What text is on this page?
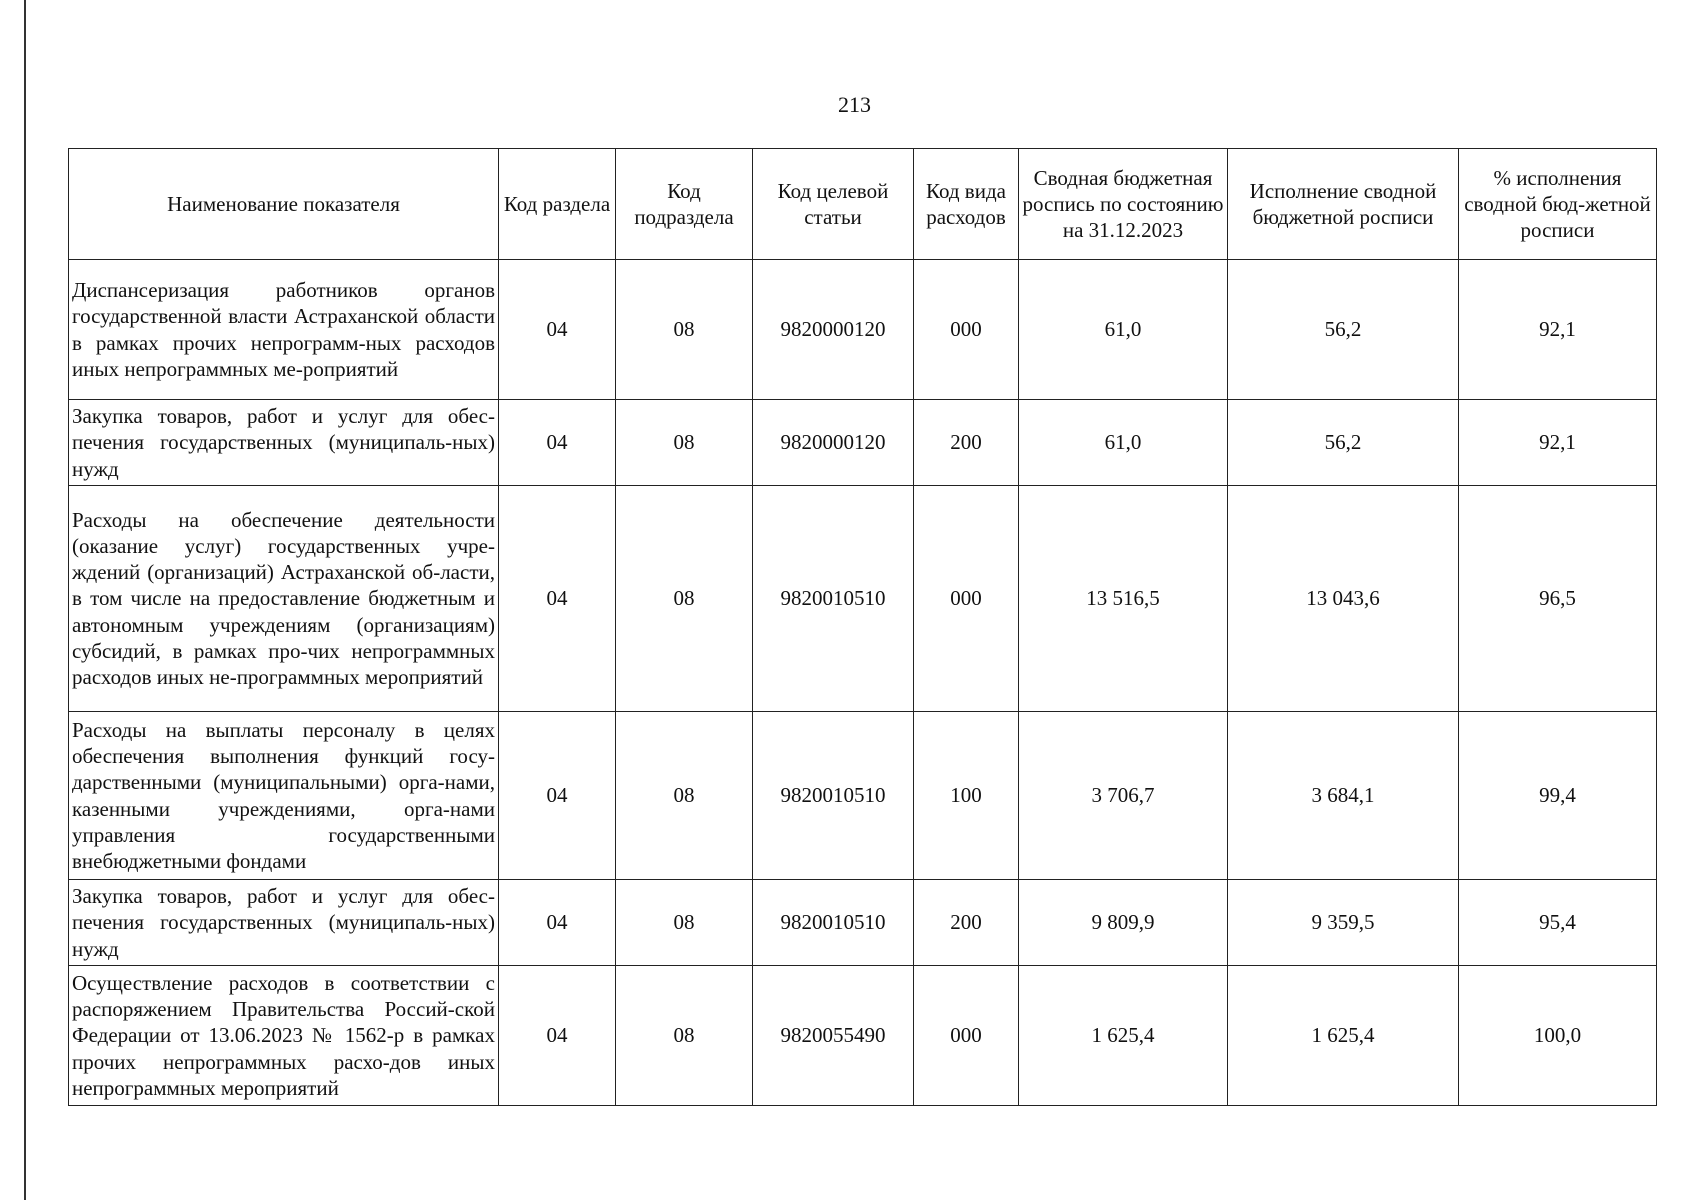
213
Наименование показателя	Код раздела	Код подраздела	Код целевой статьи	Код вида расходов	Сводная бюджетная роспись по состоянию на 31.12.2023	Исполнение сводной бюджетной росписи	% исполнения сводной бюд-жетной росписи
Диспансеризация работников органов государственной власти Астраханской области в рамках прочих непрограмм-ных расходов иных непрограммных ме-роприятий	04	08	9820000120	000	61,0	56,2	92,1
Закупка товаров, работ и услуг для обес-печения государственных (муниципаль-ных) нужд	04	08	9820000120	200	61,0	56,2	92,1
Расходы на обеспечение деятельности (оказание услуг) государственных учре-ждений (организаций) Астраханской об-ласти, в том числе на предоставление бюджетным и автономным учреждениям (организациям) субсидий, в рамках про-чих непрограммных расходов иных не-программных мероприятий	04	08	9820010510	000	13 516,5	13 043,6	96,5
Расходы на выплаты персоналу в целях обеспечения выполнения функций госу-дарственными (муниципальными) орга-нами, казенными учреждениями, орга-нами управления государственными внебюджетными фондами	04	08	9820010510	100	3 706,7	3 684,1	99,4
Закупка товаров, работ и услуг для обес-печения государственных (муниципаль-ных) нужд	04	08	9820010510	200	9 809,9	9 359,5	95,4
Осуществление расходов в соответствии с распоряжением Правительства Россий-ской Федерации от 13.06.2023 № 1562-р в рамках прочих непрограммных расхо-дов иных непрограммных мероприятий	04	08	9820055490	000	1 625,4	1 625,4	100,0
